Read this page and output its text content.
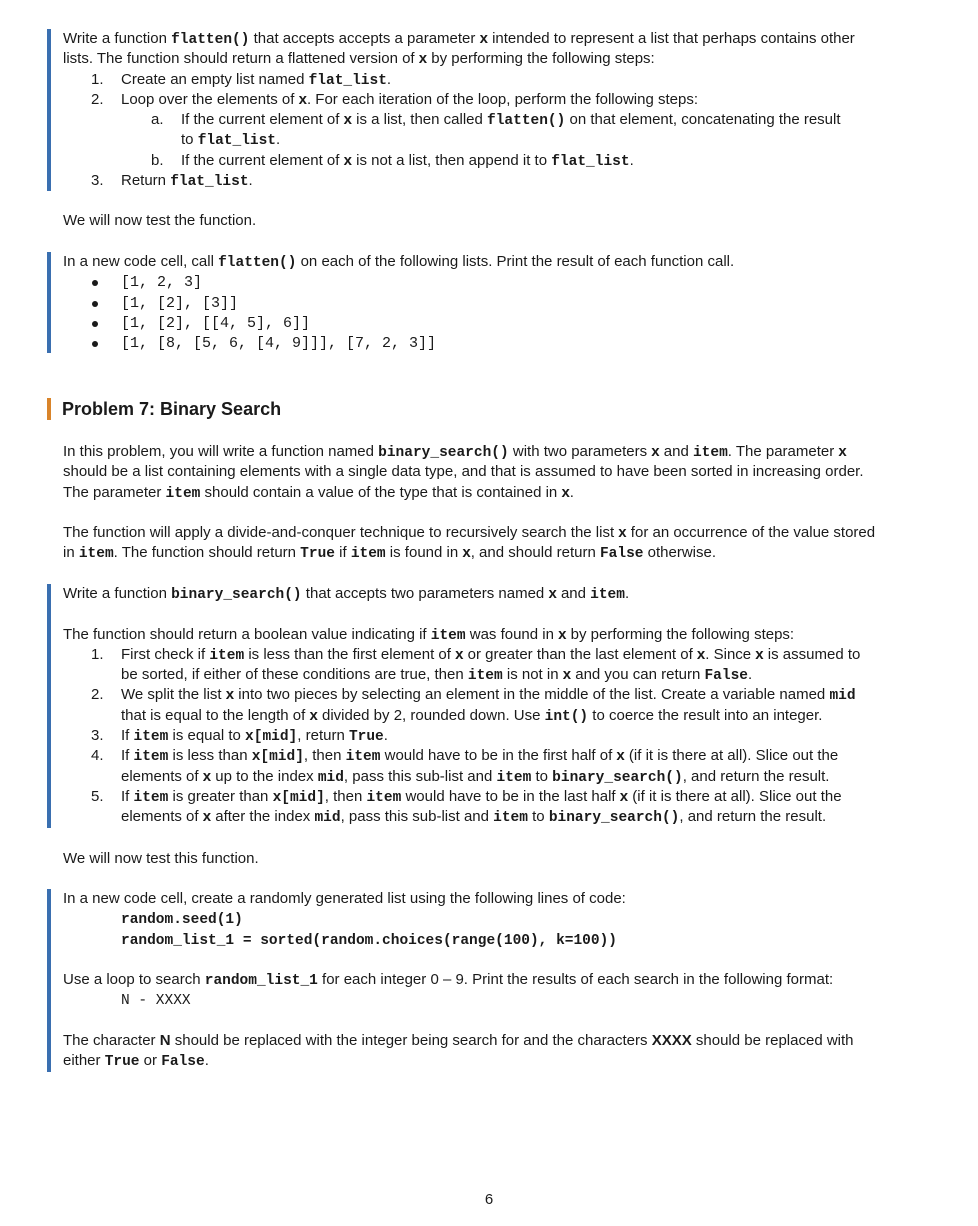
Write a function flatten() that accepts accepts a parameter x intended to represent a list that perhaps contains other
lists. The function should return a flattened version of x by performing the following steps:
1. Create an empty list named flat_list.
2. Loop over the elements of x. For each iteration of the loop, perform the following steps:
a. If the current element of x is a list, then called flatten() on that element, concatenating the result
to flat_list.
b. If the current element of x is not a list, then append it to flat_list.
3. Return flat_list.
We will now test the function.
In a new code cell, call flatten() on each of the following lists. Print the result of each function call.
[1, 2, 3]
[1, [2], [3]]
[1, [2], [[4, 5], 6]]
[1, [8, [5, 6, [4, 9]]], [7, 2, 3]]
Problem 7: Binary Search
In this problem, you will write a function named binary_search() with two parameters x and item. The parameter x
should be a list containing elements with a single data type, and that is assumed to have been sorted in increasing order.
The parameter item should contain a value of the type that is contained in x.
The function will apply a divide-and-conquer technique to recursively search the list x for an occurrence of the value stored
in item. The function should return True if item is found in x, and should return False otherwise.
Write a function binary_search() that accepts two parameters named x and item.
The function should return a boolean value indicating if item was found in x by performing the following steps:
1. First check if item is less than the first element of x or greater than the last element of x. Since x is assumed to
be sorted, if either of these conditions are true, then item is not in x and you can return False.
2. We split the list x into two pieces by selecting an element in the middle of the list. Create a variable named mid
that is equal to the length of x divided by 2, rounded down. Use int() to coerce the result into an integer.
3. If item is equal to x[mid], return True.
4. If item is less than x[mid], then item would have to be in the first half of x (if it is there at all). Slice out the
elements of x up to the index mid, pass this sub-list and item to binary_search(), and return the result.
5. If item is greater than x[mid], then item would have to be in the last half x (if it is there at all). Slice out the
elements of x after the index mid, pass this sub-list and item to binary_search(), and return the result.
We will now test this function.
In a new code cell, create a randomly generated list using the following lines of code:
random.seed(1)
random_list_1 = sorted(random.choices(range(100), k=100))
Use a loop to search random_list_1 for each integer 0 – 9. Print the results of each search in the following format:
N - XXXX
The character N should be replaced with the integer being search for and the characters XXXX should be replaced with
either True or False.
6
